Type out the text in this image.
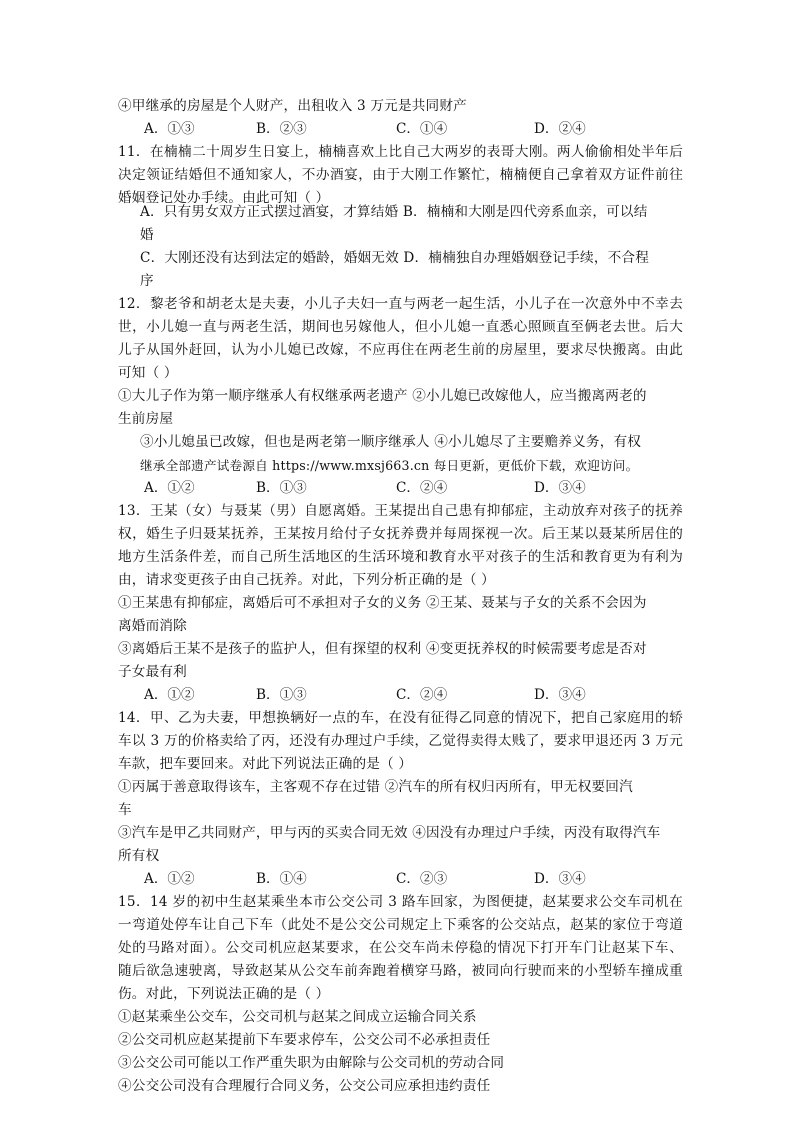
④甲继承的房屋是个人财产，出租收入 3 万元是共同财产
A．①③	B．②③	C．①④	D．②④
11．在楠楠二十周岁生日宴上，楠楠喜欢上比自己大两岁的表哥大刚。两人偷偷相处半年后
决定领证结婚但不通知家人，不办酒宴，由于大刚工作繁忙，楠楠便自己拿着双方证件前往
婚姻登记处办手续。由此可知（ ）
A．只有男女双方正式摆过酒宴，才算结婚 B．楠楠和大刚是四代旁系血亲，可以结
婚
C．大刚还没有达到法定的婚龄，婚姻无效 D．楠楠独自办理婚姻登记手续，不合程
序
12．黎老爷和胡老太是夫妻，小儿子夫妇一直与两老一起生活，小儿子在一次意外中不幸去
世，小儿媳一直与两老生活，期间也另嫁他人，但小儿媳一直悉心照顾直至俩老去世。后大
儿子从国外赶回，认为小儿媳已改嫁，不应再住在两老生前的房屋里，要求尽快搬离。由此
可知（ ）
①大儿子作为第一顺序继承人有权继承两老遗产 ②小儿媳已改嫁他人，应当搬离两老的
生前房屋
③小儿媳虽已改嫁，但也是两老第一顺序继承人 ④小儿媳尽了主要赡养义务，有权
继承全部遗产试卷源自 https://www.mxsj663.cn 每日更新，更低价下载，欢迎访问。
A．①②	B．①③	C．②④	D．③④
13．王某（女）与聂某（男）自愿离婚。王某提出自己患有抑郁症，主动放弃对孩子的抚养
权，婚生子归聂某抚养，王某按月给付子女抚养费并每周探视一次。后王某以聂某所居住的
地方生活条件差，而自己所生活地区的生活环境和教育水平对孩子的生活和教育更为有利为
由，请求变更孩子由自己抚养。对此，下列分析正确的是（ ）
①王某患有抑郁症，离婚后可不承担对子女的义务 ②王某、聂某与子女的关系不会因为
离婚而消除
③离婚后王某不是孩子的监护人，但有探望的权利 ④变更抚养权的时候需要考虑是否对
子女最有利
A．①②	B．①③	C．②④	D．③④
14．甲、乙为夫妻，甲想换辆好一点的车，在没有征得乙同意的情况下，把自己家庭用的轿
车以 3 万的价格卖给了丙，还没有办理过户手续，乙觉得卖得太贱了，要求甲退还丙 3 万元
车款，把车要回来。对此下列说法正确的是（ ）
①丙属于善意取得该车，主客观不存在过错 ②汽车的所有权归丙所有，甲无权要回汽
车
③汽车是甲乙共同财产，甲与丙的买卖合同无效 ④因没有办理过户手续，丙没有取得汽车
所有权
A．①②	B．①④	C．②③	D．③④
15．14 岁的初中生赵某乘坐本市公交公司 3 路车回家，为图便捷，赵某要求公交车司机在
一弯道处停车让自己下车（此处不是公交公司规定上下乘客的公交站点，赵某的家位于弯道
处的马路对面）。公交司机应赵某要求，在公交车尚未停稳的情况下打开车门让赵某下车、
随后欲急速驶离，导致赵某从公交车前奔跑着横穿马路，被同向行驶而来的小型轿车撞成重
伤。对此，下列说法正确的是（ ）
①赵某乘坐公交车，公交司机与赵某之间成立运输合同关系
②公交司机应赵某提前下车要求停车，公交公司不必承担责任
③公交公司可能以工作严重失职为由解除与公交司机的劳动合同
④公交公司没有合理履行合同义务，公交公司应承担违约责任
